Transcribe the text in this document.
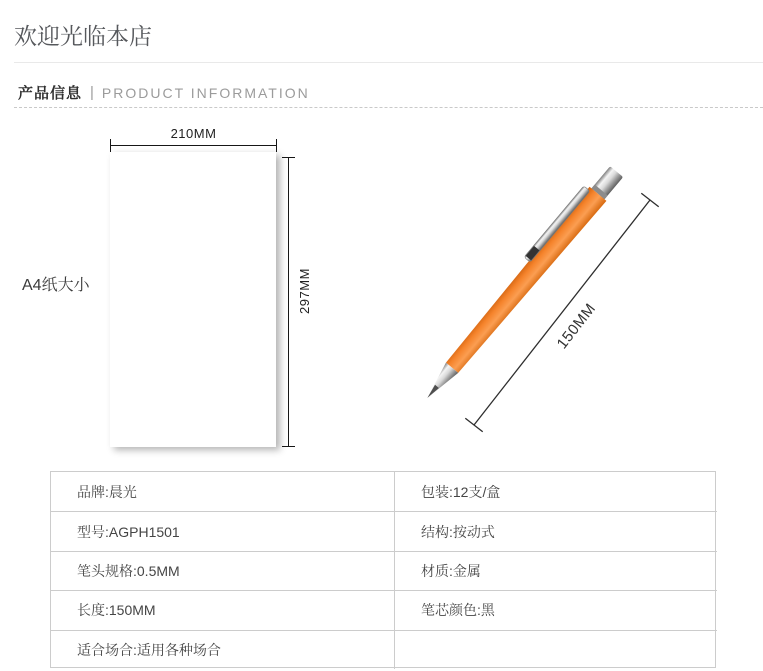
欢迎光临本店
产品信息 | PRODUCT INFORMATION
A4纸大小
210MM
297MM
150MM
品牌 : 晨光
型号 : AGPH1501
笔头规格 : 0.5MM
长度 : 150MM
适合场合 : 适用各种场合
包装 : 12支/盒
结构 : 按动式
材质 : 金属
笔芯颜色 : 黑
